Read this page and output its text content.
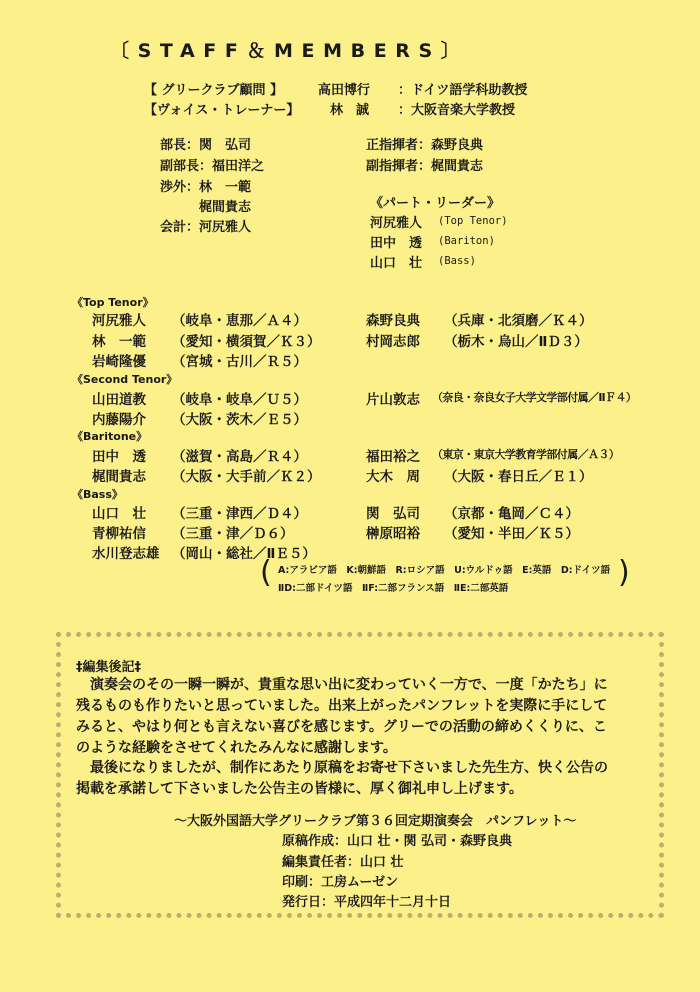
〔STAFF＆MEMBERS〕
【 グリークラブ顧問 】	高田博行 ：ドイツ語学科助教授
【ヴォイス・トレーナー】 林　誠 ：大阪音楽大学教授
部長：関　弘司
副部長：福田洋之
渉外：林　一範
　　　梶間貴志
会計：河尻雅人
正指揮者：森野良典
副指揮者：梶間貴志
《パート・リーダー》
河尻雅人 (Top Tenor)
田中　透 (Bariton)
山口　壮 (Bass)
《Top Tenor》
河尻雅人 （岐阜・恵那／Ａ４）
林　一範 （愛知・横須賀／Ｋ３）
岩崎隆優 （宮城・古川／Ｒ５）
森野良典 （兵庫・北須磨／Ｋ４）
村岡志郎 （栃木・烏山／ⅡＤ３）
《Second Tenor》
山田道教 （岐阜・岐阜／Ｕ５）
内藤陽介 （大阪・茨木／Ｅ５）
片山敦志 （奈良・奈良女子大学文学部付属／ⅡＦ４）
《Baritone》
田中　透 （滋賀・高島／Ｒ４）
梶間貴志 （大阪・大手前／Ｋ２）
福田裕之 （東京・東京大学教育学部付属／Ａ３）
大木　周 （大阪・春日丘／Ｅ１）
《Bass》
山口　壮 （三重・津西／Ｄ４）
青柳祐信 （三重・津／Ｄ６）
水川登志雄 （岡山・総社／ⅡＥ５）
関　弘司 （京都・亀岡／Ｃ４）
榊原昭裕 （愛知・半田／Ｋ５）
( A:アラビア語　K:朝鮮語　R:ロシア語　U:ウルドゥ語　E:英語　D:ドイツ語
ⅡD:二部ドイツ語　ⅡF:二部フランス語　ⅡE:二部英語	)
‡編集後記‡
　演奏会のその一瞬一瞬が、貴重な思い出に変わっていく一方で、一度「かたち」に
残るものも作りたいと思っていました。出来上がったパンフレットを実際に手にして
みると、やはり何とも言えない喜びを感じます。グリーでの活動の締めくくりに、こ
のような経験をさせてくれたみんなに感謝します。
　最後になりましたが、制作にあたり原稿をお寄せ下さいました先生方、快く公告の
掲載を承諾して下さいました公告主の皆様に、厚く御礼申し上げます。
～大阪外国語大学グリークラブ第３６回定期演奏会　パンフレット～
原稿作成：山口 壮・関 弘司・森野良典
編集責任者：山口 壮
印刷：工房ムーゼン
発行日：平成四年十二月十日
